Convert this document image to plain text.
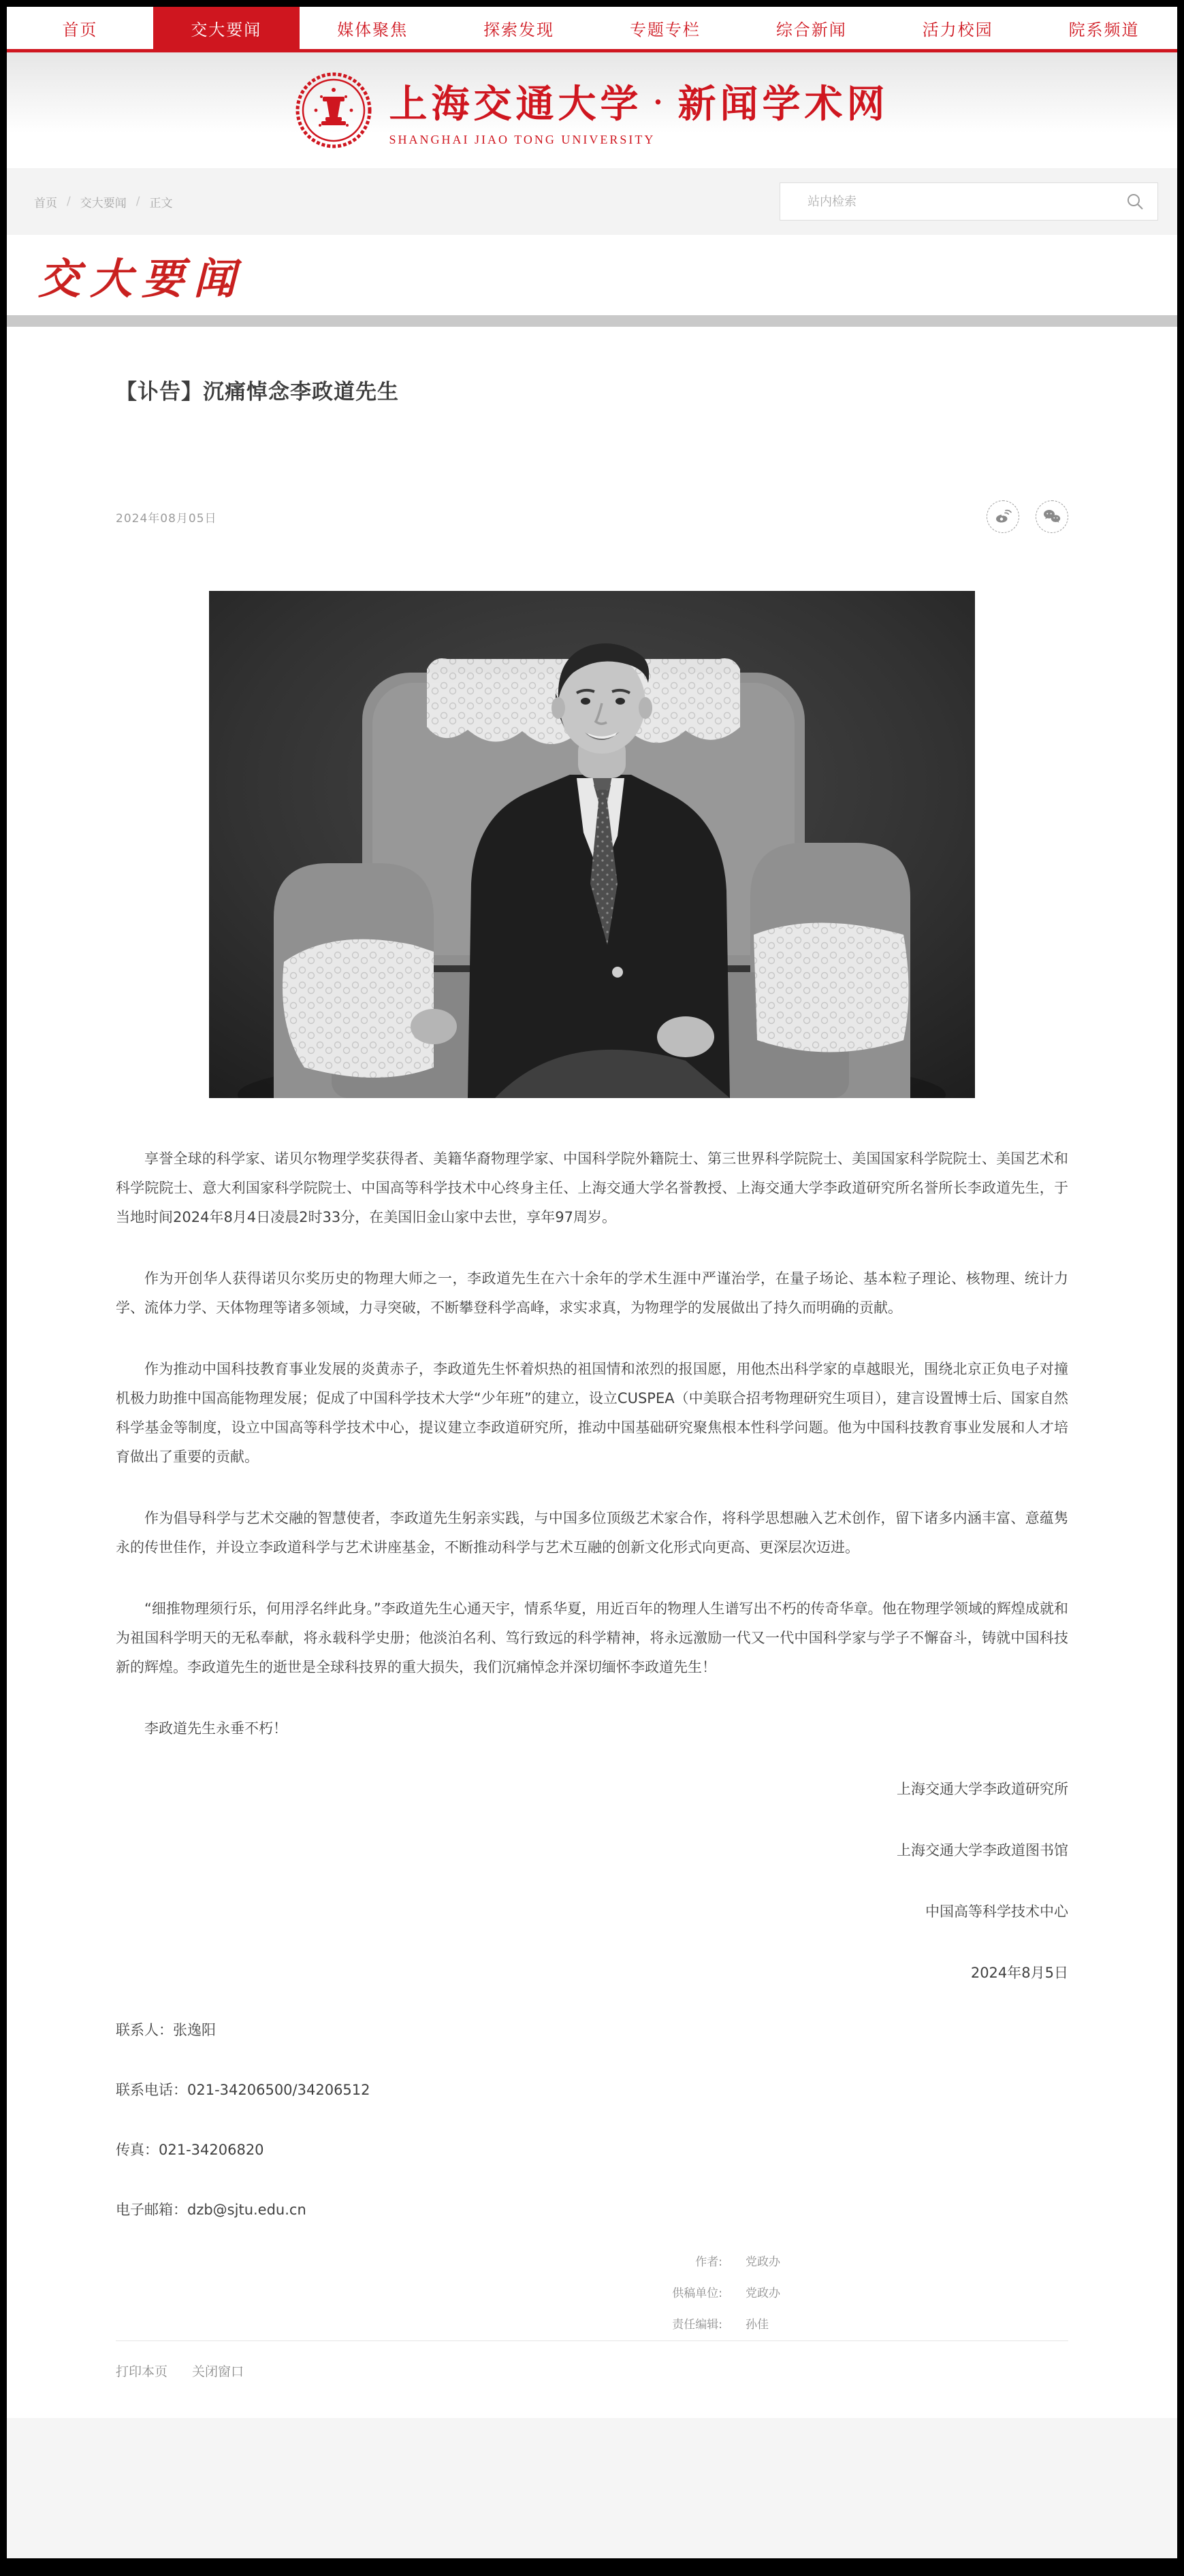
首页	交大要闻	媒体聚焦	探索发现	专题专栏	综合新闻	活力校园	院系频道
上海交通大学 · 新闻学术网
SHANGHAI JIAO TONG UNIVERSITY
首页 / 交大要闻 / 正文
站内检索
交大要闻
【讣告】沉痛悼念李政道先生
2024年08月05日

享誉全球的科学家、诺贝尔物理学奖获得者、美籍华裔物理学家、中国科学院外籍院士、第三世界科学院院士、美国国家科学院院士、美国艺术和科学院院士、意大利国家科学院院士、中国高等科学技术中心终身主任、上海交通大学名誉教授、上海交通大学李政道研究所名誉所长李政道先生，于当地时间2024年8月4日凌晨2时33分，在美国旧金山家中去世，享年97周岁。

作为开创华人获得诺贝尔奖历史的物理大师之一，李政道先生在六十余年的学术生涯中严谨治学，在量子场论、基本粒子理论、核物理、统计力学、流体力学、天体物理等诸多领域，力寻突破，不断攀登科学高峰，求实求真，为物理学的发展做出了持久而明确的贡献。

作为推动中国科技教育事业发展的炎黄赤子，李政道先生怀着炽热的祖国情和浓烈的报国愿，用他杰出科学家的卓越眼光，围绕北京正负电子对撞机极力助推中国高能物理发展；促成了中国科学技术大学“少年班”的建立，设立CUSPEA（中美联合招考物理研究生项目），建言设置博士后、国家自然科学基金等制度，设立中国高等科学技术中心，提议建立李政道研究所，推动中国基础研究聚焦根本性科学问题。他为中国科技教育事业发展和人才培育做出了重要的贡献。

作为倡导科学与艺术交融的智慧使者，李政道先生躬亲实践，与中国多位顶级艺术家合作，将科学思想融入艺术创作，留下诸多内涵丰富、意蕴隽永的传世佳作，并设立李政道科学与艺术讲座基金，不断推动科学与艺术互融的创新文化形式向更高、更深层次迈进。

“细推物理须行乐，何用浮名绊此身。”李政道先生心通天宇，情系华夏，用近百年的物理人生谱写出不朽的传奇华章。他在物理学领域的辉煌成就和为祖国科学明天的无私奉献，将永载科学史册；他淡泊名利、笃行致远的科学精神，将永远激励一代又一代中国科学家与学子不懈奋斗，铸就中国科技新的辉煌。李政道先生的逝世是全球科技界的重大损失，我们沉痛悼念并深切缅怀李政道先生！

李政道先生永垂不朽！

上海交通大学李政道研究所
上海交通大学李政道图书馆
中国高等科学技术中心
2024年8月5日
联系人：张逸阳
联系电话：021-34206500/34206512
传真：021-34206820
电子邮箱：dzb@sjtu.edu.cn
作者: 党政办
供稿单位: 党政办
责任编辑: 孙佳
打印本页 关闭窗口
